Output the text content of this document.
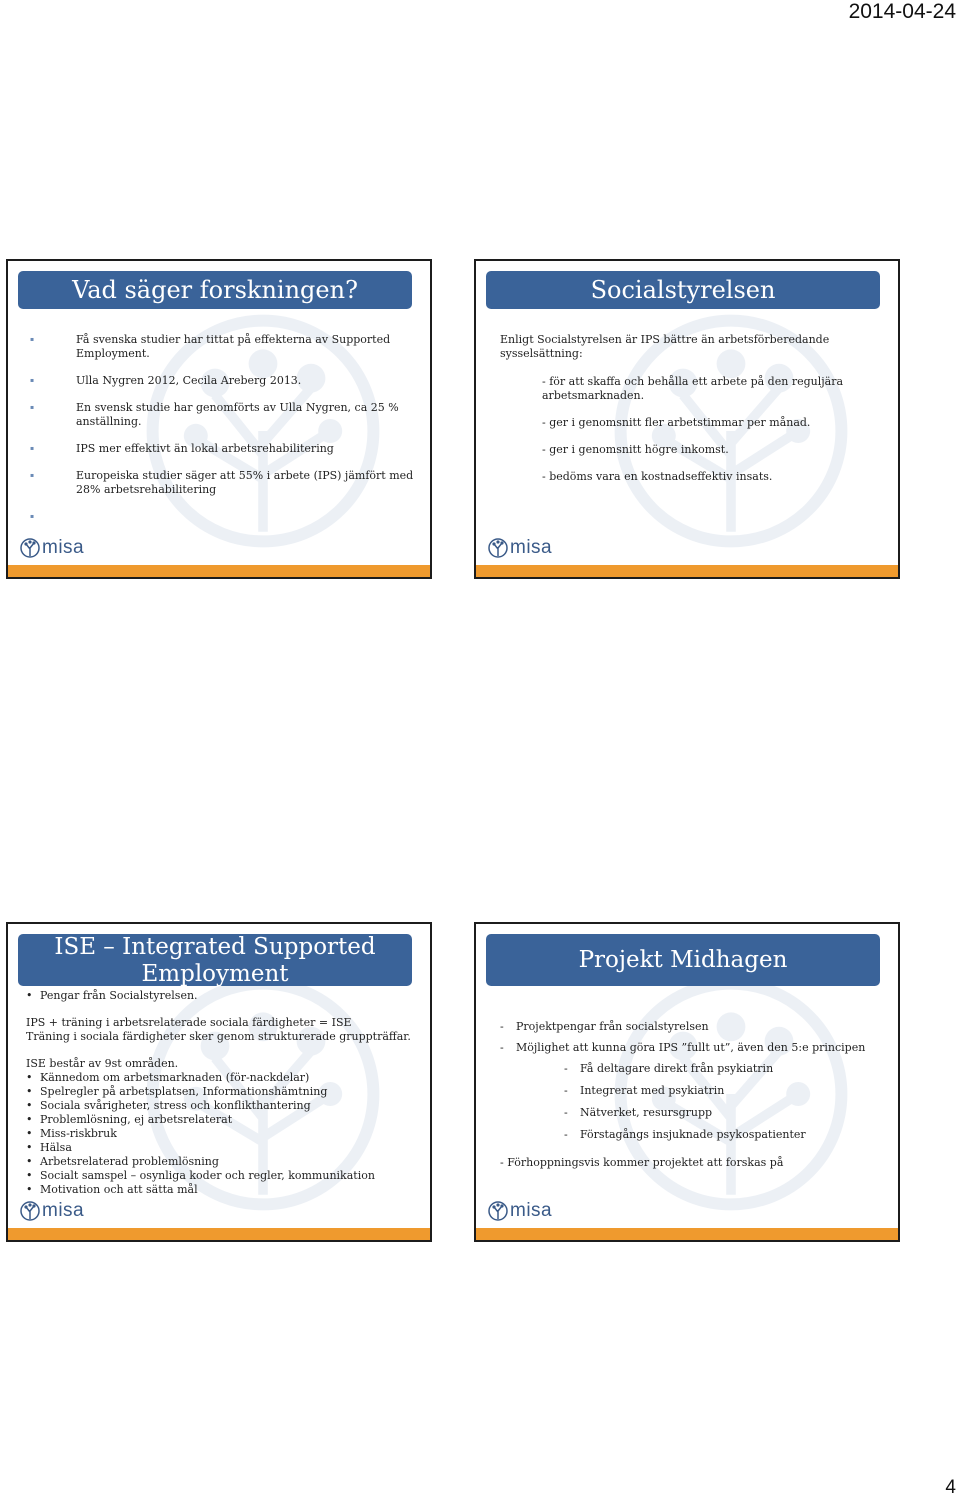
2014-04-24
Vad säger forskningen?
▪ Få svenska studier har tittat på effekterna av Supported Employment.
▪ Ulla Nygren 2012, Cecila Areberg 2013.
▪ En svensk studie har genomförts av Ulla Nygren, ca 25 % anställning.
▪ IPS mer effektivt än lokal arbetsrehabilitering
▪ Europeiska studier säger att 55% i arbete (IPS) jämfört med 28% arbetsrehabilitering
▪
misa
Socialstyrelsen
Enligt Socialstyrelsen är IPS bättre än arbetsförberedande sysselsättning:
- för att skaffa och behålla ett arbete på den reguljära arbetsmarknaden.
- ger i genomsnitt fler arbetstimmar per månad.
- ger i genomsnitt högre inkomst.
- bedöms vara en kostnadseffektiv insats.
misa
ISE – Integrated Supported Employment
• Pengar från Socialstyrelsen.
IPS + träning i arbetsrelaterade sociala färdigheter = ISE
Träning i sociala färdigheter sker genom strukturerade gruppträffar.
ISE består av 9st områden.
• Kännedom om arbetsmarknaden (för-nackdelar)
• Spelregler på arbetsplatsen, Informationshämtning
• Sociala svårigheter, stress och konflikthantering
• Problemlösning, ej arbetsrelaterat
• Miss-riskbruk
• Hälsa
• Arbetsrelaterad problemlösning
• Socialt samspel – osynliga koder och regler, kommunikation
• Motivation och att sätta mål
misa
Projekt Midhagen
- Projektpengar från socialstyrelsen
- Möjlighet att kunna göra IPS ”fullt ut”, även den 5:e principen
- Få deltagare direkt från psykiatrin
- Integrerat med psykiatrin
- Nätverket, resursgrupp
- Förstagångs insjuknade psykospatienter
- Förhoppningsvis kommer projektet att forskas på
misa
4
